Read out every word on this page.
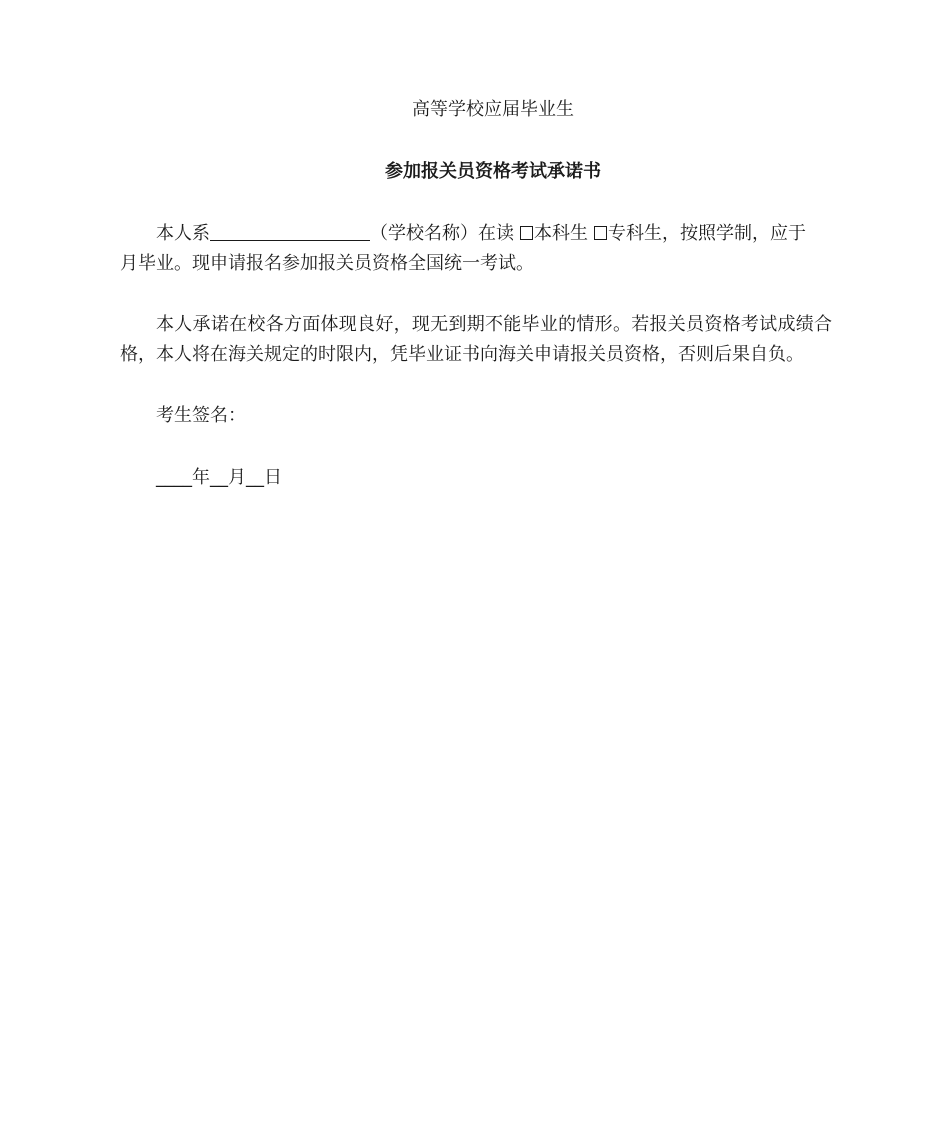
高等学校应届毕业生
参加报关员资格考试承诺书
本人系	（学校名称）在读 本科生 专科生，按照学制，应于
月毕业。现申请报名参加报关员资格全国统一考试。
本人承诺在校各方面体现良好，现无到期不能毕业的情形。若报关员资格考试成绩合格，本人将在海关规定的时限内，凭毕业证书向海关申请报关员资格，否则后果自负。
考生签名：
____年__月__日
